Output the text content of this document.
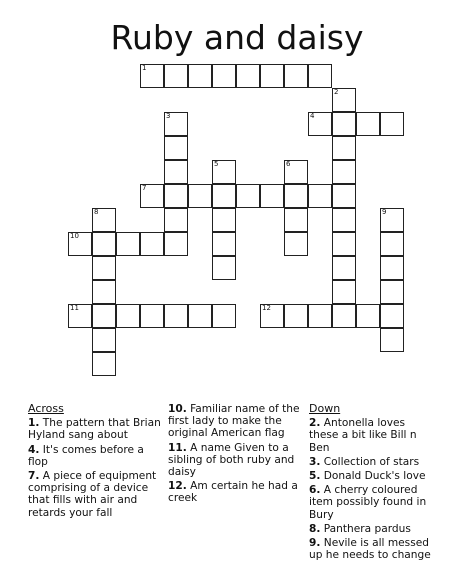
Ruby and daisy
1
2
3	4
5	6
7
8	9
10
11	12
Across
1. The pattern that Brian Hyland sang about
4. It's comes before a flop
7. A piece of equipment comprising of a device that fills with air and retards your fall
10. Familiar name of the first lady to make the original American flag
11. A name Given to a sibling of both ruby and daisy
12. Am certain he had a creek
Down
2. Antonella loves these a bit like Bill n Ben
3. Collection of stars
5. Donald Duck's love
6. A cherry coloured item possibly found in Bury
8. Panthera pardus
9. Nevile is all messed up he needs to change
